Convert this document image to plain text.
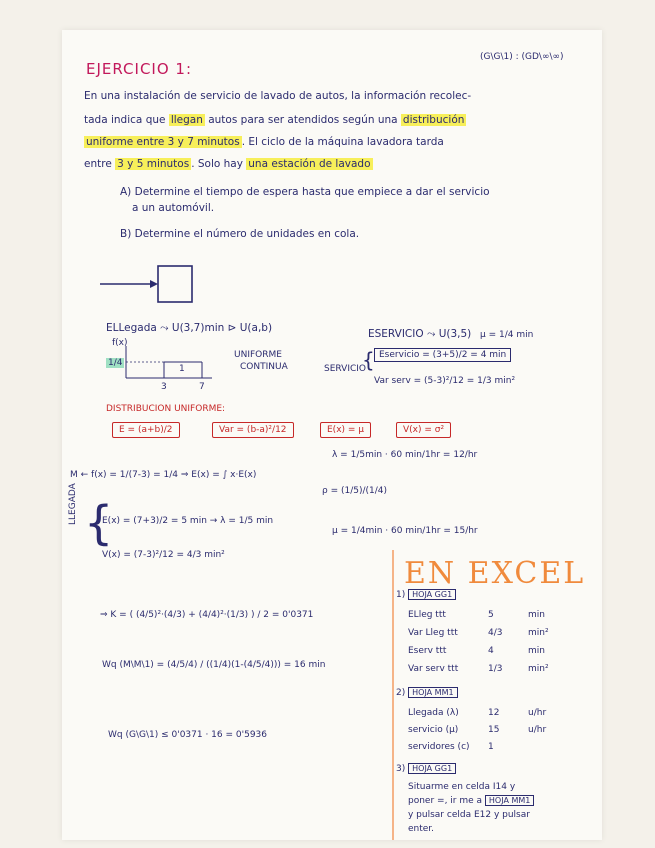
EJERCICIO 1:
(G\G\1) : (GD\∞\∞)
En una instalación de servicio de lavado de autos, la información recolec-
tada indica que llegan autos para ser atendidos según una distribución
uniforme entre 3 y 7 minutos . El ciclo de la máquina lavadora tarda
entre 3 y 5 minutos . Solo hay una estación de lavado
A) Determine el tiempo de espera hasta que empiece a dar el servicio
a un automóvil.
B) Determine el número de unidades en cola.
ELLegada ⤳ U(3,7)min ⊳ U(a,b)
f(x)
1/4
1
3	7
UNIFORME
CONTINUA
ESERVICIO ⤳ U(3,5) μ = 1/4 min
SERVICIO
{ Eservicio = (3+5)/2 = 4 min
Var serv = (5-3)²/12 = 1/3 min²
DISTRIBUCION UNIFORME:
E = (a+b)/2	Var = (b-a)²/12	E(x) = μ	V(x) = σ²
M ← f(x) = 1/(7-3) = 1/4 ⇒ E(x) = ∫ x·E(x)
λ = 1/5min · 60 min/1hr = 12/hr
ρ = (1/5)/(1/4)
LLEGADA {
E(x) = (7+3)/2 = 5 min → λ = 1/5 min
μ = 1/4min · 60 min/1hr = 15/hr
V(x) = (7-3)²/12 = 4/3 min²
⇒ K = ( (4/5)²·(4/3) + (4/4)²·(1/3) ) / 2 = 0'0371
Wq (M\M\1) = (4/5/4) / ((1/4)(1-(4/5/4))) = 16 min
Wq (G\G\1) ≤ 0'0371 · 16 = 0'5936
EN EXCEL
1) HOJA GG1
ELleg ttt	5	min
Var Lleg ttt	4/3	min²
Eserv ttt	4	min
Var serv ttt	1/3	min²
2) HOJA MM1
Llegada (λ)	12	u/hr
servicio (μ)	15	u/hr
servidores (c)	1
3) HOJA GG1
Situarme en celda I14 y
poner =, ir me a HOJA MM1
y pulsar celda E12 y pulsar
enter.
